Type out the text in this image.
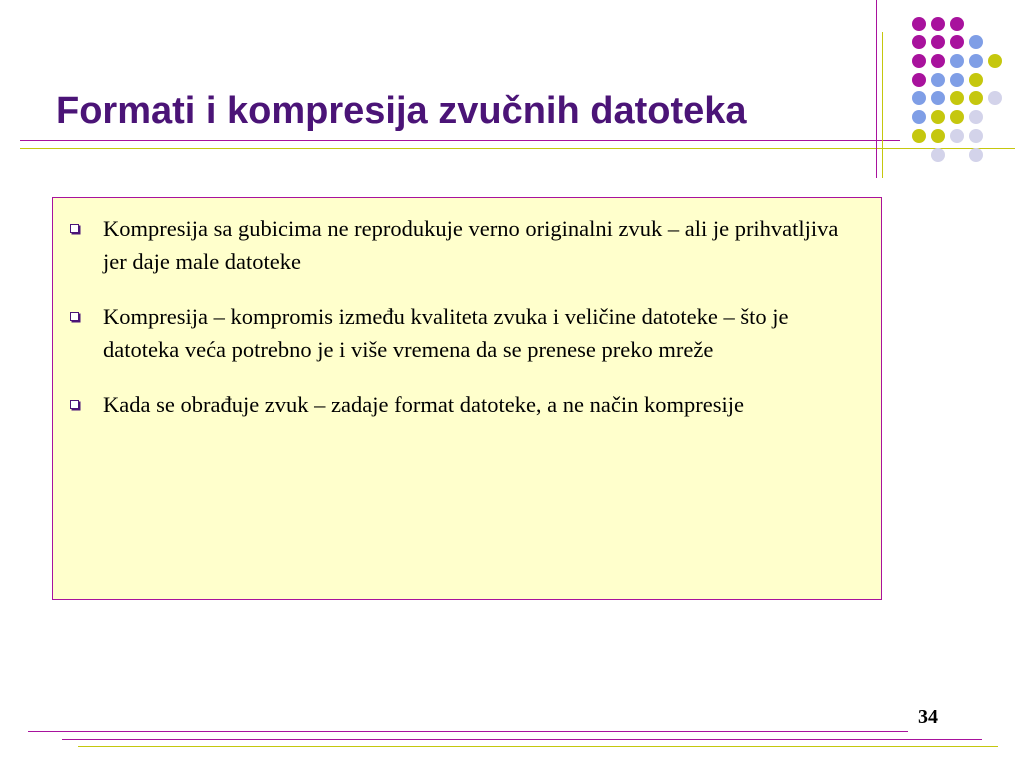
Formati i kompresija zvučnih datoteka
Kompresija sa gubicima ne reprodukuje verno originalni zvuk – ali je prihvatljiva jer daje male datoteke
Kompresija – kompromis između kvaliteta zvuka i veličine datoteke – što je datoteka veća potrebno je i više vremena da se prenese preko mreže
Kada se obrađuje zvuk – zadaje format datoteke, a ne način kompresije
34
